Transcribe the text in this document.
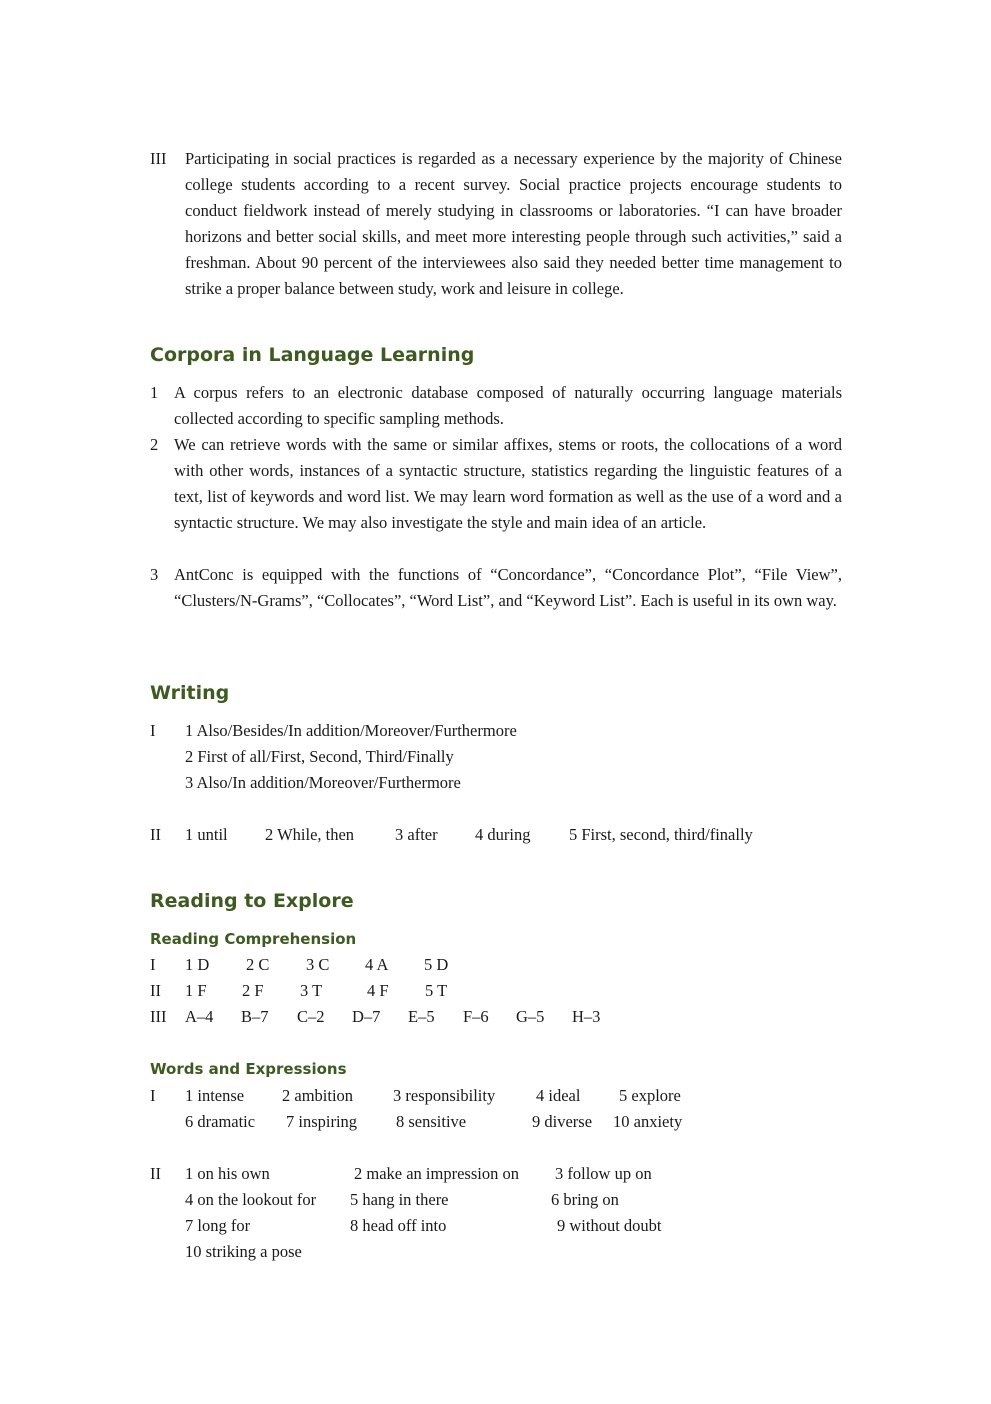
III Participating in social practices is regarded as a necessary experience by the majority of Chinese college students according to a recent survey. Social practice projects encourage students to conduct fieldwork instead of merely studying in classrooms or laboratories. “I can have broader horizons and better social skills, and meet more interesting people through such activities,” said a freshman. About 90 percent of the interviewees also said they needed better time management to strike a proper balance between study, work and leisure in college.
Corpora in Language Learning
1 A corpus refers to an electronic database composed of naturally occurring language materials collected according to specific sampling methods.
2 We can retrieve words with the same or similar affixes, stems or roots, the collocations of a word with other words, instances of a syntactic structure, statistics regarding the linguistic features of a text, list of keywords and word list. We may learn word formation as well as the use of a word and a syntactic structure. We may also investigate the style and main idea of an article.
3 AntConc is equipped with the functions of “Concordance”, “Concordance Plot”, “File View”, “Clusters/N-Grams”, “Collocates”, “Word List”, and “Keyword List”. Each is useful in its own way.
Writing
I 1 Also/Besides/In addition/Moreover/Furthermore
2 First of all/First, Second, Third/Finally
3 Also/In addition/Moreover/Furthermore
II 1 until 2 While, then 3 after 4 during 5 First, second, third/finally
Reading to Explore
Reading Comprehension
I 1 D 2 C 3 C 4 A 5 D
II 1 F 2 F 3 T	4 F 5 T
III A–4 B–7 C–2 D–7 E–5 F–6 G–5 H–3
Words and Expressions
I 1 intense 2 ambition 3 responsibility 4 ideal 5 explore
6 dramatic 7 inspiring 8 sensitive	9 diverse 10 anxiety
II 1 on his own	2 make an impression on 3 follow up on
4 on the lookout for 5 hang in there	6 bring on
7 long for	8 head off into	9 without doubt
10 striking a pose
